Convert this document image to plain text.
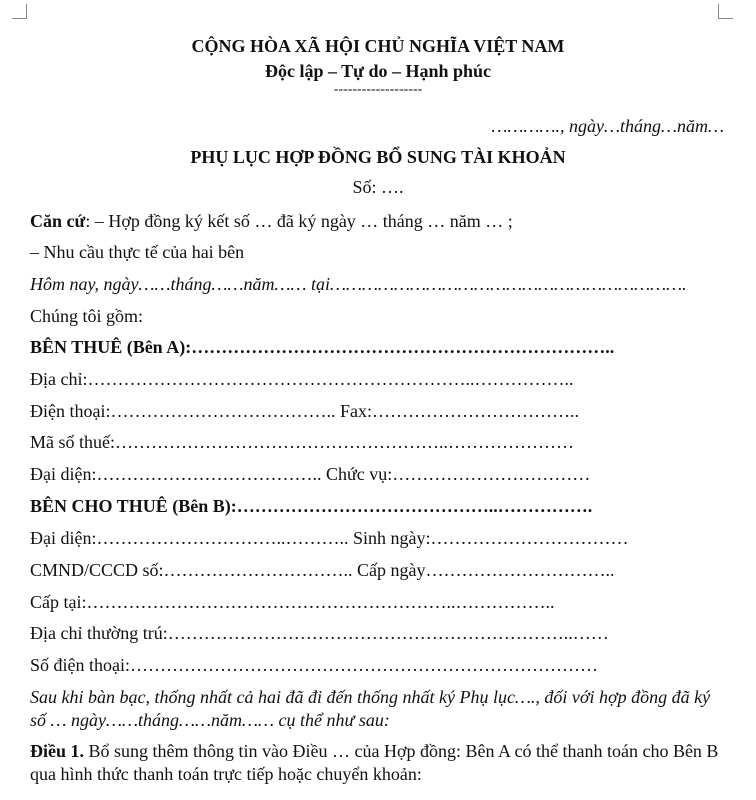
CỘNG HÒA XÃ HỘI CHỦ NGHĨA VIỆT NAM
Độc lập – Tự do – Hạnh phúc
-------------------
…………., ngày…tháng…năm…
PHỤ LỤC HỢP ĐỒNG BỔ SUNG TÀI KHOẢN
Số: ….
Căn cứ: – Hợp đồng ký kết số … đã ký ngày … tháng … năm … ;
– Nhu cầu thực tế của hai bên
Hôm nay, ngày……tháng……năm…… tại………………………………………………………….
Chúng tôi gồm:
BÊN THUÊ (Bên A):……………………………………………………………..
Địa chỉ:………………………………………………………..……………..
Điện thoại:……………………………….. Fax:……………………………..
Mã số thuế:………………………………………………..…………………
Đại diện:……………………………….. Chức vụ:……………………………
BÊN CHO THUÊ (Bên B):……………………………………..…………….
Đại diện:…………………………..……….. Sinh ngày:……………………………
CMND/CCCD số:………………………….. Cấp ngày…………………………..
Cấp tại:……………………………………………………..……………..
Địa chỉ thường trú:…………………………………………………………..……
Số điện thoại:……………………………………………………………………
Sau khi bàn bạc, thống nhất cả hai đã đi đến thống nhất ký Phụ lục…., đối với hợp đồng đã ký số … ngày……tháng……năm…… cụ thể như sau:
Điều 1. Bổ sung thêm thông tin vào Điều … của Hợp đồng: Bên A có thể thanh toán cho Bên B qua hình thức thanh toán trực tiếp hoặc chuyển khoản:
